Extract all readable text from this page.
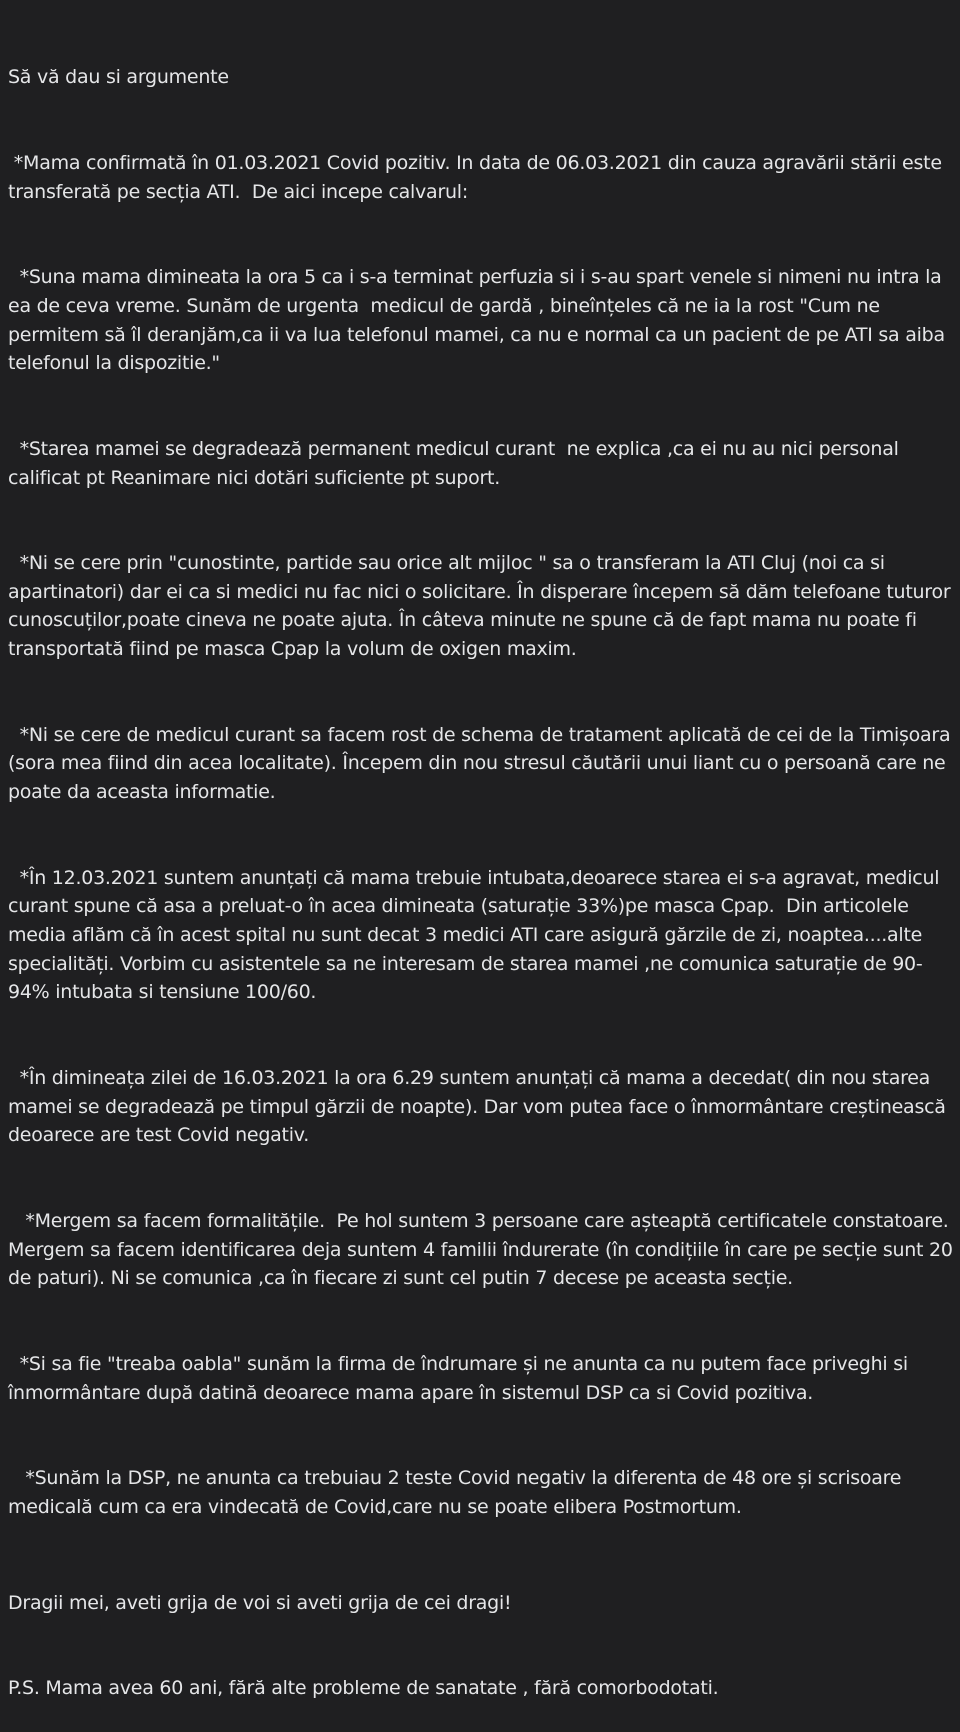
Să vă dau si argumente

*Mama confirmată în 01.03.2021 Covid pozitiv. In data de 06.03.2021 din cauza agravării stării este transferată pe secția ATI.  De aici incepe calvarul:

*Suna mama dimineata la ora 5 ca i s-a terminat perfuzia si i s-au spart venele si nimeni nu intra la ea de ceva vreme. Sunăm de urgenta  medicul de gardă , bineînțeles că ne ia la rost "Cum ne permitem să îl deranjăm,ca ii va lua telefonul mamei, ca nu e normal ca un pacient de pe ATI sa aiba telefonul la dispozitie."

*Starea mamei se degradează permanent medicul curant  ne explica ,ca ei nu au nici personal calificat pt Reanimare nici dotări suficiente pt suport.

*Ni se cere prin "cunostinte, partide sau orice alt mijloc " sa o transferam la ATI Cluj (noi ca si apartinatori) dar ei ca si medici nu fac nici o solicitare. În disperare începem să dăm telefoane tuturor cunoscuților,poate cineva ne poate ajuta. În câteva minute ne spune că de fapt mama nu poate fi transportată fiind pe masca Cpap la volum de oxigen maxim.

*Ni se cere de medicul curant sa facem rost de schema de tratament aplicată de cei de la Timișoara (sora mea fiind din acea localitate). Începem din nou stresul căutării unui liant cu o persoană care ne poate da aceasta informatie.

*În 12.03.2021 suntem anunțați că mama trebuie intubata,deoarece starea ei s-a agravat, medicul curant spune că asa a preluat-o în acea dimineata (saturație 33%)pe masca Cpap.  Din articolele media aflăm că în acest spital nu sunt decat 3 medici ATI care asigură gărzile de zi, noaptea....alte specialități. Vorbim cu asistentele sa ne interesam de starea mamei ,ne comunica saturație de 90-94% intubata si tensiune 100/60.

*În dimineața zilei de 16.03.2021 la ora 6.29 suntem anunțați că mama a decedat( din nou starea mamei se degradează pe timpul gărzii de noapte). Dar vom putea face o înmormântare creștinească deoarece are test Covid negativ.

*Mergem sa facem formalitățile.  Pe hol suntem 3 persoane care așteaptă certificatele constatoare.  Mergem sa facem identificarea deja suntem 4 familii îndurerate (în condițiile în care pe secție sunt 20 de paturi). Ni se comunica ,ca în fiecare zi sunt cel putin 7 decese pe aceasta secție.

*Si sa fie "treaba oabla" sunăm la firma de îndrumare și ne anunta ca nu putem face priveghi si înmormântare după datină deoarece mama apare în sistemul DSP ca si Covid pozitiva.

*Sunăm la DSP, ne anunta ca trebuiau 2 teste Covid negativ la diferenta de 48 ore și scrisoare medicală cum ca era vindecată de Covid,care nu se poate elibera Postmortum.

Dragii mei, aveti grija de voi si aveti grija de cei dragi!

P.S. Mama avea 60 ani, fără alte probleme de sanatate , fără comorbodotati.
